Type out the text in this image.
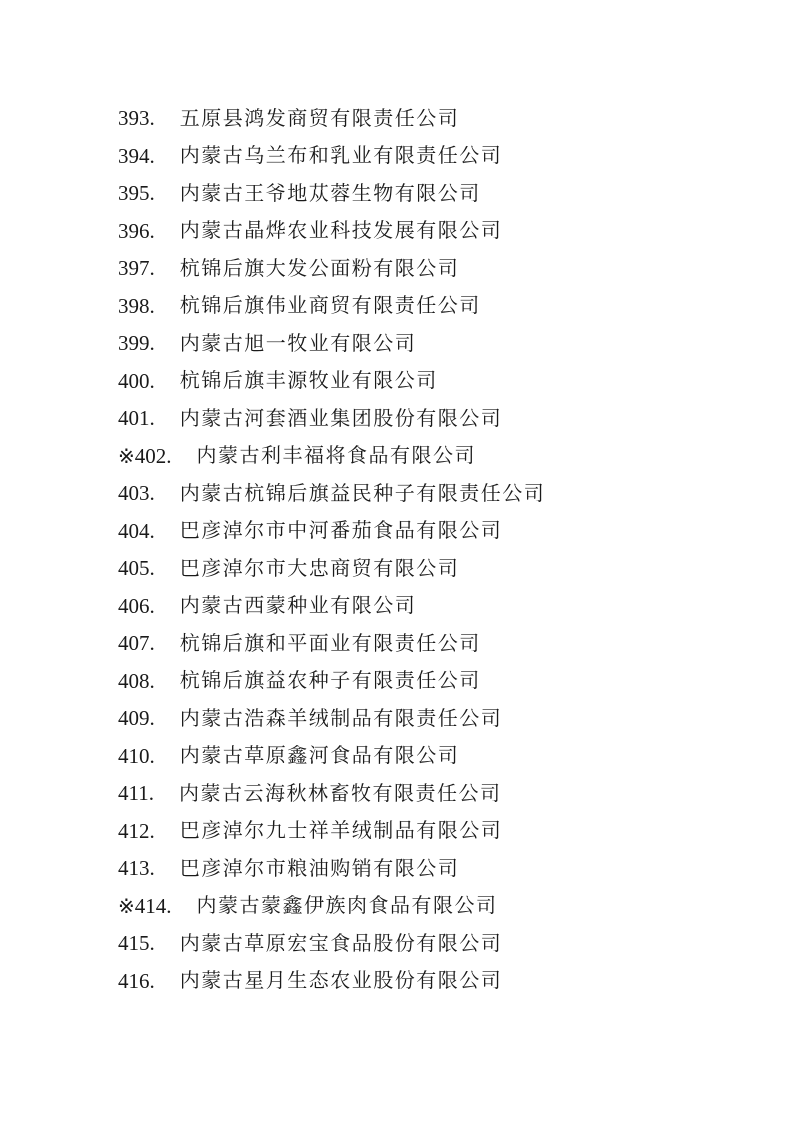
393. 五原县鸿发商贸有限责任公司
394. 内蒙古乌兰布和乳业有限责任公司
395. 内蒙古王爷地苁蓉生物有限公司
396. 内蒙古晶烨农业科技发展有限公司
397. 杭锦后旗大发公面粉有限公司
398. 杭锦后旗伟业商贸有限责任公司
399. 内蒙古旭一牧业有限公司
400. 杭锦后旗丰源牧业有限公司
401. 内蒙古河套酒业集团股份有限公司
※402. 内蒙古利丰福将食品有限公司
403. 内蒙古杭锦后旗益民种子有限责任公司
404. 巴彦淖尔市中河番茄食品有限公司
405. 巴彦淖尔市大忠商贸有限公司
406. 内蒙古西蒙种业有限公司
407. 杭锦后旗和平面业有限责任公司
408. 杭锦后旗益农种子有限责任公司
409. 内蒙古浩森羊绒制品有限责任公司
410. 内蒙古草原鑫河食品有限公司
411. 内蒙古云海秋林畜牧有限责任公司
412. 巴彦淖尔九士祥羊绒制品有限公司
413. 巴彦淖尔市粮油购销有限公司
※414. 内蒙古蒙鑫伊族肉食品有限公司
415. 内蒙古草原宏宝食品股份有限公司
416. 内蒙古星月生态农业股份有限公司
